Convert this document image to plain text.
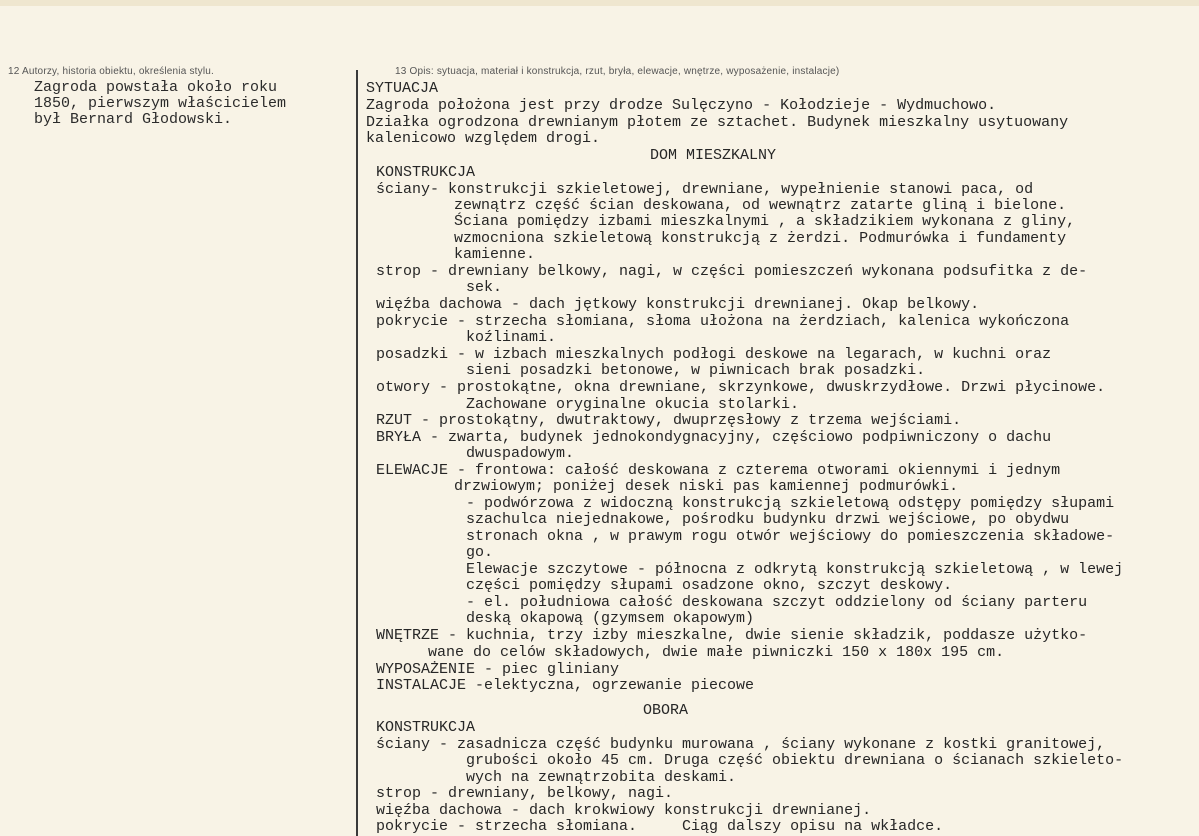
12 Autorzy, historia obiektu, określenia stylu.	13 Opis: sytuacja, materiał i konstrukcja, rzut, bryła, elewacje, wnętrze, wyposażenie, instalacje)
Zagroda powstała około roku
1850, pierwszym właścicielem
był Bernard Głodowski.
SYTUACJA
Zagroda położona jest przy drodze Sulęczyno - Kołodzieje - Wydmuchowo.
Działka ogrodzona drewnianym płotem ze sztachet. Budynek mieszkalny usytuowany
kalenicowo względem drogi.
DOM MIESZKALNY
KONSTRUKCJA
ściany- konstrukcji szkieletowej, drewniane, wypełnienie stanowi paca, od
zewnątrz część ścian deskowana, od wewnątrz zatarte gliną i bielone.
Ściana pomiędzy izbami mieszkalnymi , a składzikiem wykonana z gliny,
wzmocniona szkieletową konstrukcją z żerdzi. Podmurówka i fundamenty
kamienne.
strop - drewniany belkowy, nagi, w części pomieszczeń wykonana podsufitka z de-
sek.
więźba dachowa - dach jętkowy konstrukcji drewnianej. Okap belkowy.
pokrycie - strzecha słomiana, słoma ułożona na żerdziach, kalenica wykończona
koźlinami.
posadzki - w izbach mieszkalnych podłogi deskowe na legarach, w kuchni oraz
sieni posadzki betonowe, w piwnicach brak posadzki.
otwory - prostokątne, okna drewniane, skrzynkowe, dwuskrzydłowe. Drzwi płycinowe.
Zachowane oryginalne okucia stolarki.
RZUT - prostokątny, dwutraktowy, dwuprzęsłowy z trzema wejściami.
BRYŁA - zwarta, budynek jednokondygnacyjny, częściowo podpiwniczony o dachu
dwuspadowym.
ELEWACJE - frontowa: całość deskowana z czterema otworami okiennymi i jednym
drzwiowym; poniżej desek niski pas kamiennej podmurówki.
- podwórzowa z widoczną konstrukcją szkieletową odstępy pomiędzy słupami
szachulca niejednakowe, pośrodku budynku drzwi wejściowe, po obydwu
stronach okna , w prawym rogu otwór wejściowy do pomieszczenia składowe-
go.
Elewacje szczytowe - północna z odkrytą konstrukcją szkieletową , w lewej
części pomiędzy słupami osadzone okno, szczyt deskowy.
- el. południowa całość deskowana szczyt oddzielony od ściany parteru
deską okapową (gzymsem okapowym)
WNĘTRZE - kuchnia, trzy izby mieszkalne, dwie sienie składzik, poddasze użytko-
wane do celów składowych, dwie małe piwniczki 150 x 180x 195 cm.
WYPOSAŻENIE - piec gliniany
INSTALACJE -elektyczna, ogrzewanie piecowe
OBORA
KONSTRUKCJA
ściany - zasadnicza część budynku murowana , ściany wykonane z kostki granitowej,
grubości około 45 cm. Druga część obiektu drewniana o ścianach szkieleto-
wych na zewnątrzobita deskami.
strop - drewniany, belkowy, nagi.
więźba dachowa - dach krokwiowy konstrukcji drewnianej.
pokrycie - strzecha słomiana.     Ciąg dalszy opisu na wkładce.
